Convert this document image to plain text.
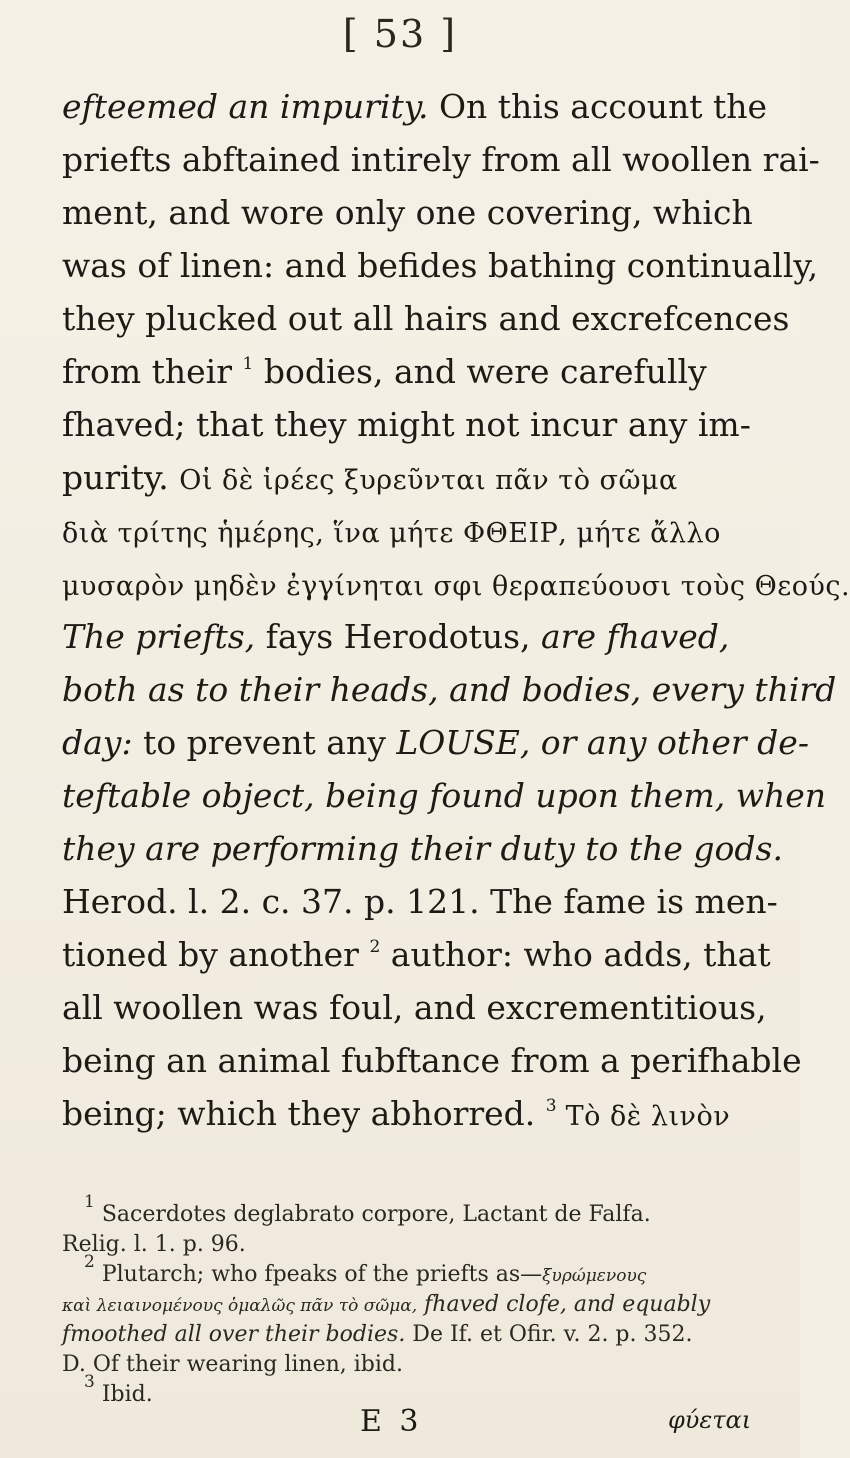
[ 53 ]
efteemed an impurity. On this account the
priefts abftained intirely from all woollen rai-
ment, and wore only one covering, which
was of linen: and befides bathing continually,
they plucked out all hairs and excrefcences
from their $^1$ bodies, and were carefully
fhaved; that they might not incur any im-
purity. Οἱ δὲ ἱρέες ξυρεῦνται πᾶν τὸ σῶμα
διὰ τρίτης ἡμέρης, ἵνα μήτε ΦΘΕΙΡ, μήτε ἄλλο
μυσαρὸν μηδὲν ἐγγίνηται σφι θεραπεύουσι τοὺς Θεούς.
The priefts, fays Herodotus, are fhaved,
both as to their heads, and bodies, every third
day: to prevent any LOUSE, or any other de-
teftable object, being found upon them, when
they are performing their duty to the gods.
Herod. l. 2. c. 37. p. 121. The fame is men-
tioned by another $^2$ author: who adds, that
all woollen was foul, and excrementitious,
being an animal fubftance from a perifhable
being; which they abhorred. $^3$ Τὸ δὲ λινὸν
$^1$ Sacerdotes deglabrato corpore, Lactant de Falfa.
Relig. l. 1. p. 96.
$^2$ Plutarch; who fpeaks of the priefts as—ξυρώμενους
καὶ λειαινομένους ὁμαλῶς πᾶν τὸ σῶμα, fhaved clofe, and equably
fmoothed all over their bodies. De If. et Ofir. v. 2. p. 352.
D. Of their wearing linen, ibid.
$^3$ Ibid.
E 3	φύεται
